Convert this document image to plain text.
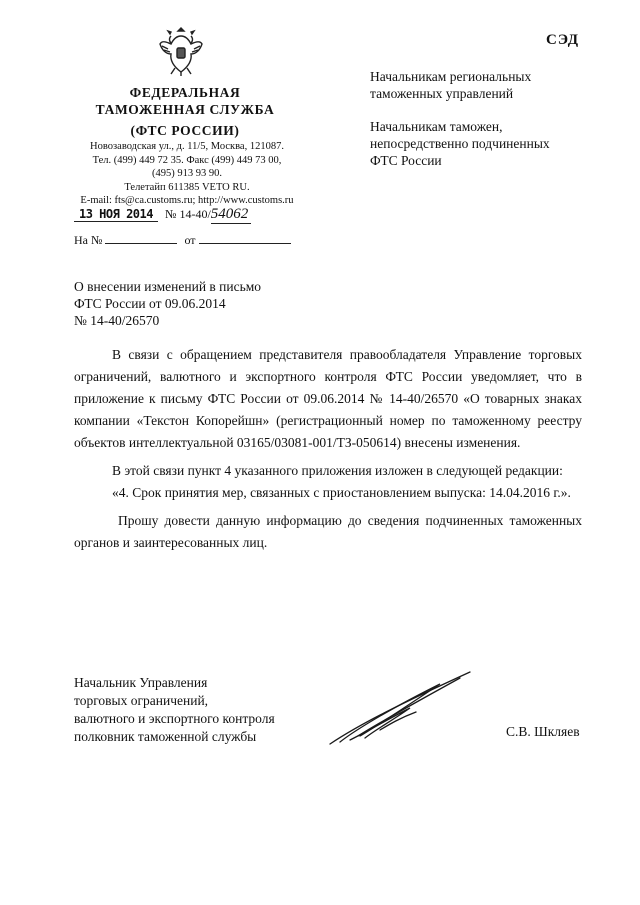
СЭД
ФЕДЕРАЛЬНАЯ
ТАМОЖЕННАЯ СЛУЖБА
(ФТС РОССИИ)
Новозаводская ул., д. 11/5, Москва, 121087.
Тел. (499) 449 72 35. Факс (499) 449 73 00,
(495) 913 93 90.
Телетайп 611385 VETO RU.
E-mail: fts@ca.customs.ru; http://www.customs.ru
13 НОЯ 2014 № 14-40/54062
На №	от
Начальникам региональных
таможенных управлений
Начальникам таможен,
непосредственно подчиненных
ФТС России
О внесении изменений в письмо
ФТС России от 09.06.2014
№ 14-40/26570

В связи с обращением представителя правообладателя Управление торговых ограничений, валютного и экспортного контроля ФТС России уведомляет, что в приложение к письму ФТС России от 09.06.2014 № 14-40/26570 «О товарных знаках компании «Текстон Копорейшн» (регистрационный номер по таможенному реестру объектов интеллектуальной 03165/03081-001/ТЗ-050614) внесены изменения.

В этой связи пункт 4 указанного приложения изложен в следующей редакции:

«4. Срок принятия мер, связанных с приостановлением выпуска: 14.04.2016 г.».

Прошу довести данную информацию до сведения подчиненных таможенных органов и заинтересованных лиц.

Начальник Управления
торговых ограничений,
валютного и экспортного контроля
полковник таможенной службы	С.В. Шкляев
